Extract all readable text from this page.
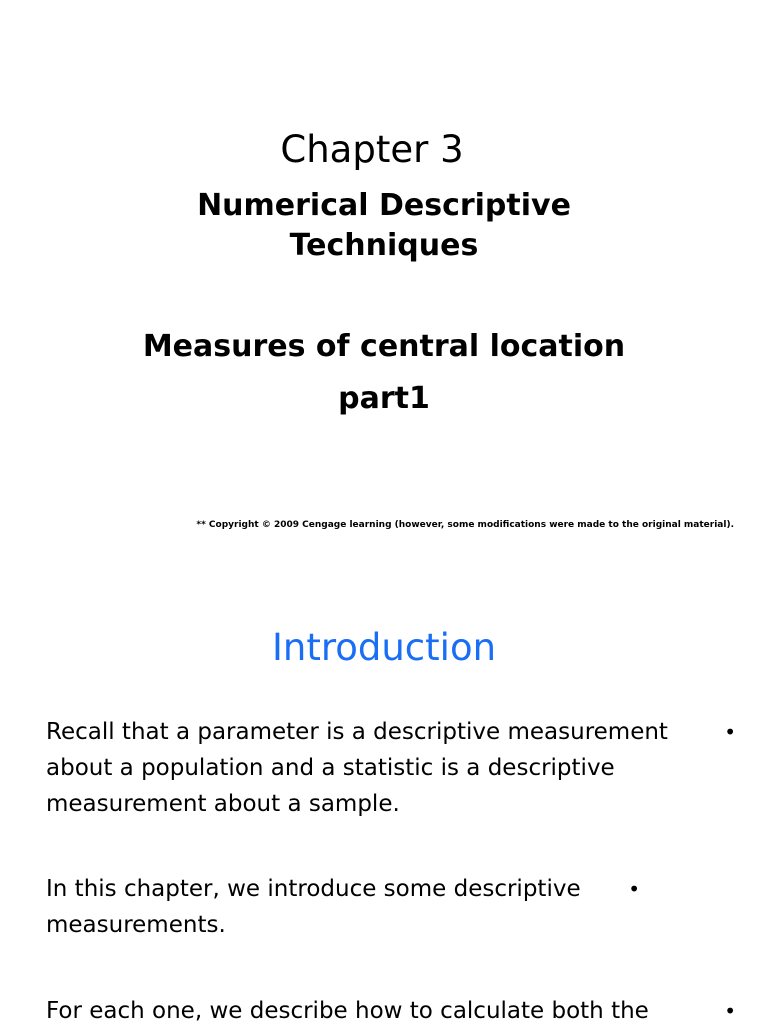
Chapter 3
Numerical Descriptive
Techniques
Measures of central location
part1
** Copyright © 2009 Cengage learning (however, some modifications were made to the original material).
Introduction
Recall that a parameter is a descriptive measurement about a population and a statistic is a descriptive measurement about a sample.
•
In this chapter, we introduce some descriptive measurements.
•
For each one, we describe how to calculate both the	•
